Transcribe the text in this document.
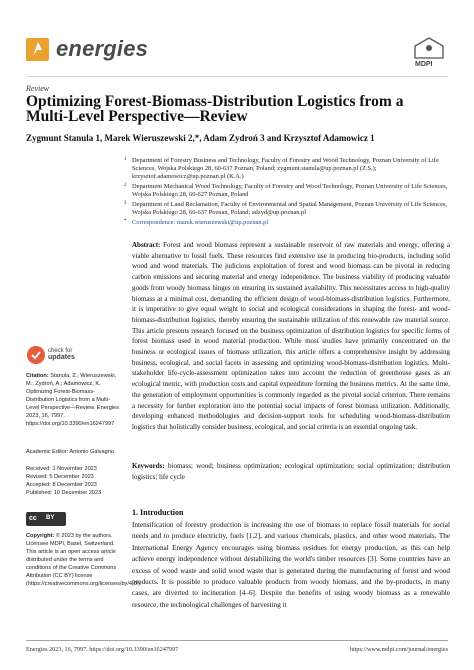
energies
MDPI
Review
Optimizing Forest-Biomass-Distribution Logistics from a Multi-Level Perspective—Review
Zygmunt Stanula 1, Marek Wieruszewski 2,*, Adam Zydroń 3 and Krzysztof Adamowicz 1
1 Department of Forestry Business and Technology, Faculty of Forestry and Wood Technology, Poznan University of Life Sciences, Wojska Polskiego 28, 60-637 Poznan, Poland; zygmunt.stanula@up.poznan.pl (Z.S.); krzysztof.adamowicz@up.poznan.pl (K.A.)
2 Department Mechanical Wood Technology, Faculty of Forestry and Wood Technology, Poznan University of Life Sciences, Wojska Polskiego 28, 60-627 Poznan, Poland
3 Department of Land Reclamation, Faculty of Environmental and Spatial Management, Poznan University of Life Sciences, Wojska Polskiego 28, 60-637 Poznan, Poland; adzyd@up.poznan.pl
* Correspondence: marek.wieruszewski@up.poznan.pl
Abstract: Forest and wood biomass represent a sustainable reservoir of raw materials and energy, offering a viable alternative to fossil fuels. These resources find extensive use in producing bio-products, including solid wood and wood materials. The judicious exploitation of forest and wood biomass can be pivotal in reducing carbon emissions and securing material and energy independence. The business viability of producing valuable goods from woody biomass hinges on ensuring its sustained availability. This necessitates access to high-quality biomass at a minimal cost, demanding the efficient design of wood-biomass-distribution logistics. Furthermore, it is imperative to give equal weight to social and ecological considerations in shaping the forest- and wood-biomass-distribution logistics, thereby ensuring the sustainable utilization of this renewable raw material source. This article presents research focused on the business optimization of distribution logistics for specific forms of forest biomass used in wood material production. While most studies have primarily concentrated on the business or ecological issues of biomass utilization, this article offers a comprehensive insight by addressing business, ecological, and social facets in assessing and optimizing wood-biomass-distribution logistics. Multi-stakeholder life-cycle-assessment optimization takes into account the reduction of greenhouse gases as an ecological metric, with production costs and capital expenditure forming the business metrics. At the same time, the generation of employment opportunities is commonly regarded as the pivotal social criterion. There remains a necessity for further exploration into the potential social impacts of forest biomass utilization. Additionally, developing enhanced methodologies and decision-support tools for scheduling wood-biomass-distribution logistics that holistically consider business, ecological, and social criteria is an essential ongoing task.
Keywords: biomass; wood; business optimization; ecological optimization; social optimization; distribution logistics; life cycle
check for
updates
Citation: Stanula, Z.; Wieruszewski, M.; Zydroń, A.; Adamowicz, K. Optimizing Forest-Biomass-Distribution Logistics from a Multi-Level Perspective—Review. Energies 2023, 16, 7997. https://doi.org/10.3390/en16247997
Academic Editor: Antonio Galvagno
Received: 1 November 2023
Revised: 5 December 2023
Accepted: 8 December 2023
Published: 10 December 2023
cc BY
Copyright: © 2023 by the authors. Licensee MDPI, Basel, Switzerland. This article is an open access article distributed under the terms and conditions of the Creative Commons Attribution (CC BY) license (https://creativecommons.org/licenses/by/4.0/).
1. Introduction
Intensification of forestry production is increasing the use of biomass to replace fossil materials for social needs and to produce electricity, fuels [1,2], and various chemicals, plastics, and other wood materials. The International Energy Agency encourages using biomass residues for energy production, as this can help achieve energy independence without destabilizing the world's timber resources [3]. Some countries have an excess of wood waste and solid wood waste that is generated during the manufacturing of forest and wood products. It is possible to produce valuable products from woody biomass, and the by-products, in many cases, are diverted to incineration [4–6]. Despite the benefits of using woody biomass as a renewable resource, the technological challenges of harvesting it
Energies 2023, 16, 7997. https://doi.org/10.3390/en16247997	https://www.mdpi.com/journal/energies
